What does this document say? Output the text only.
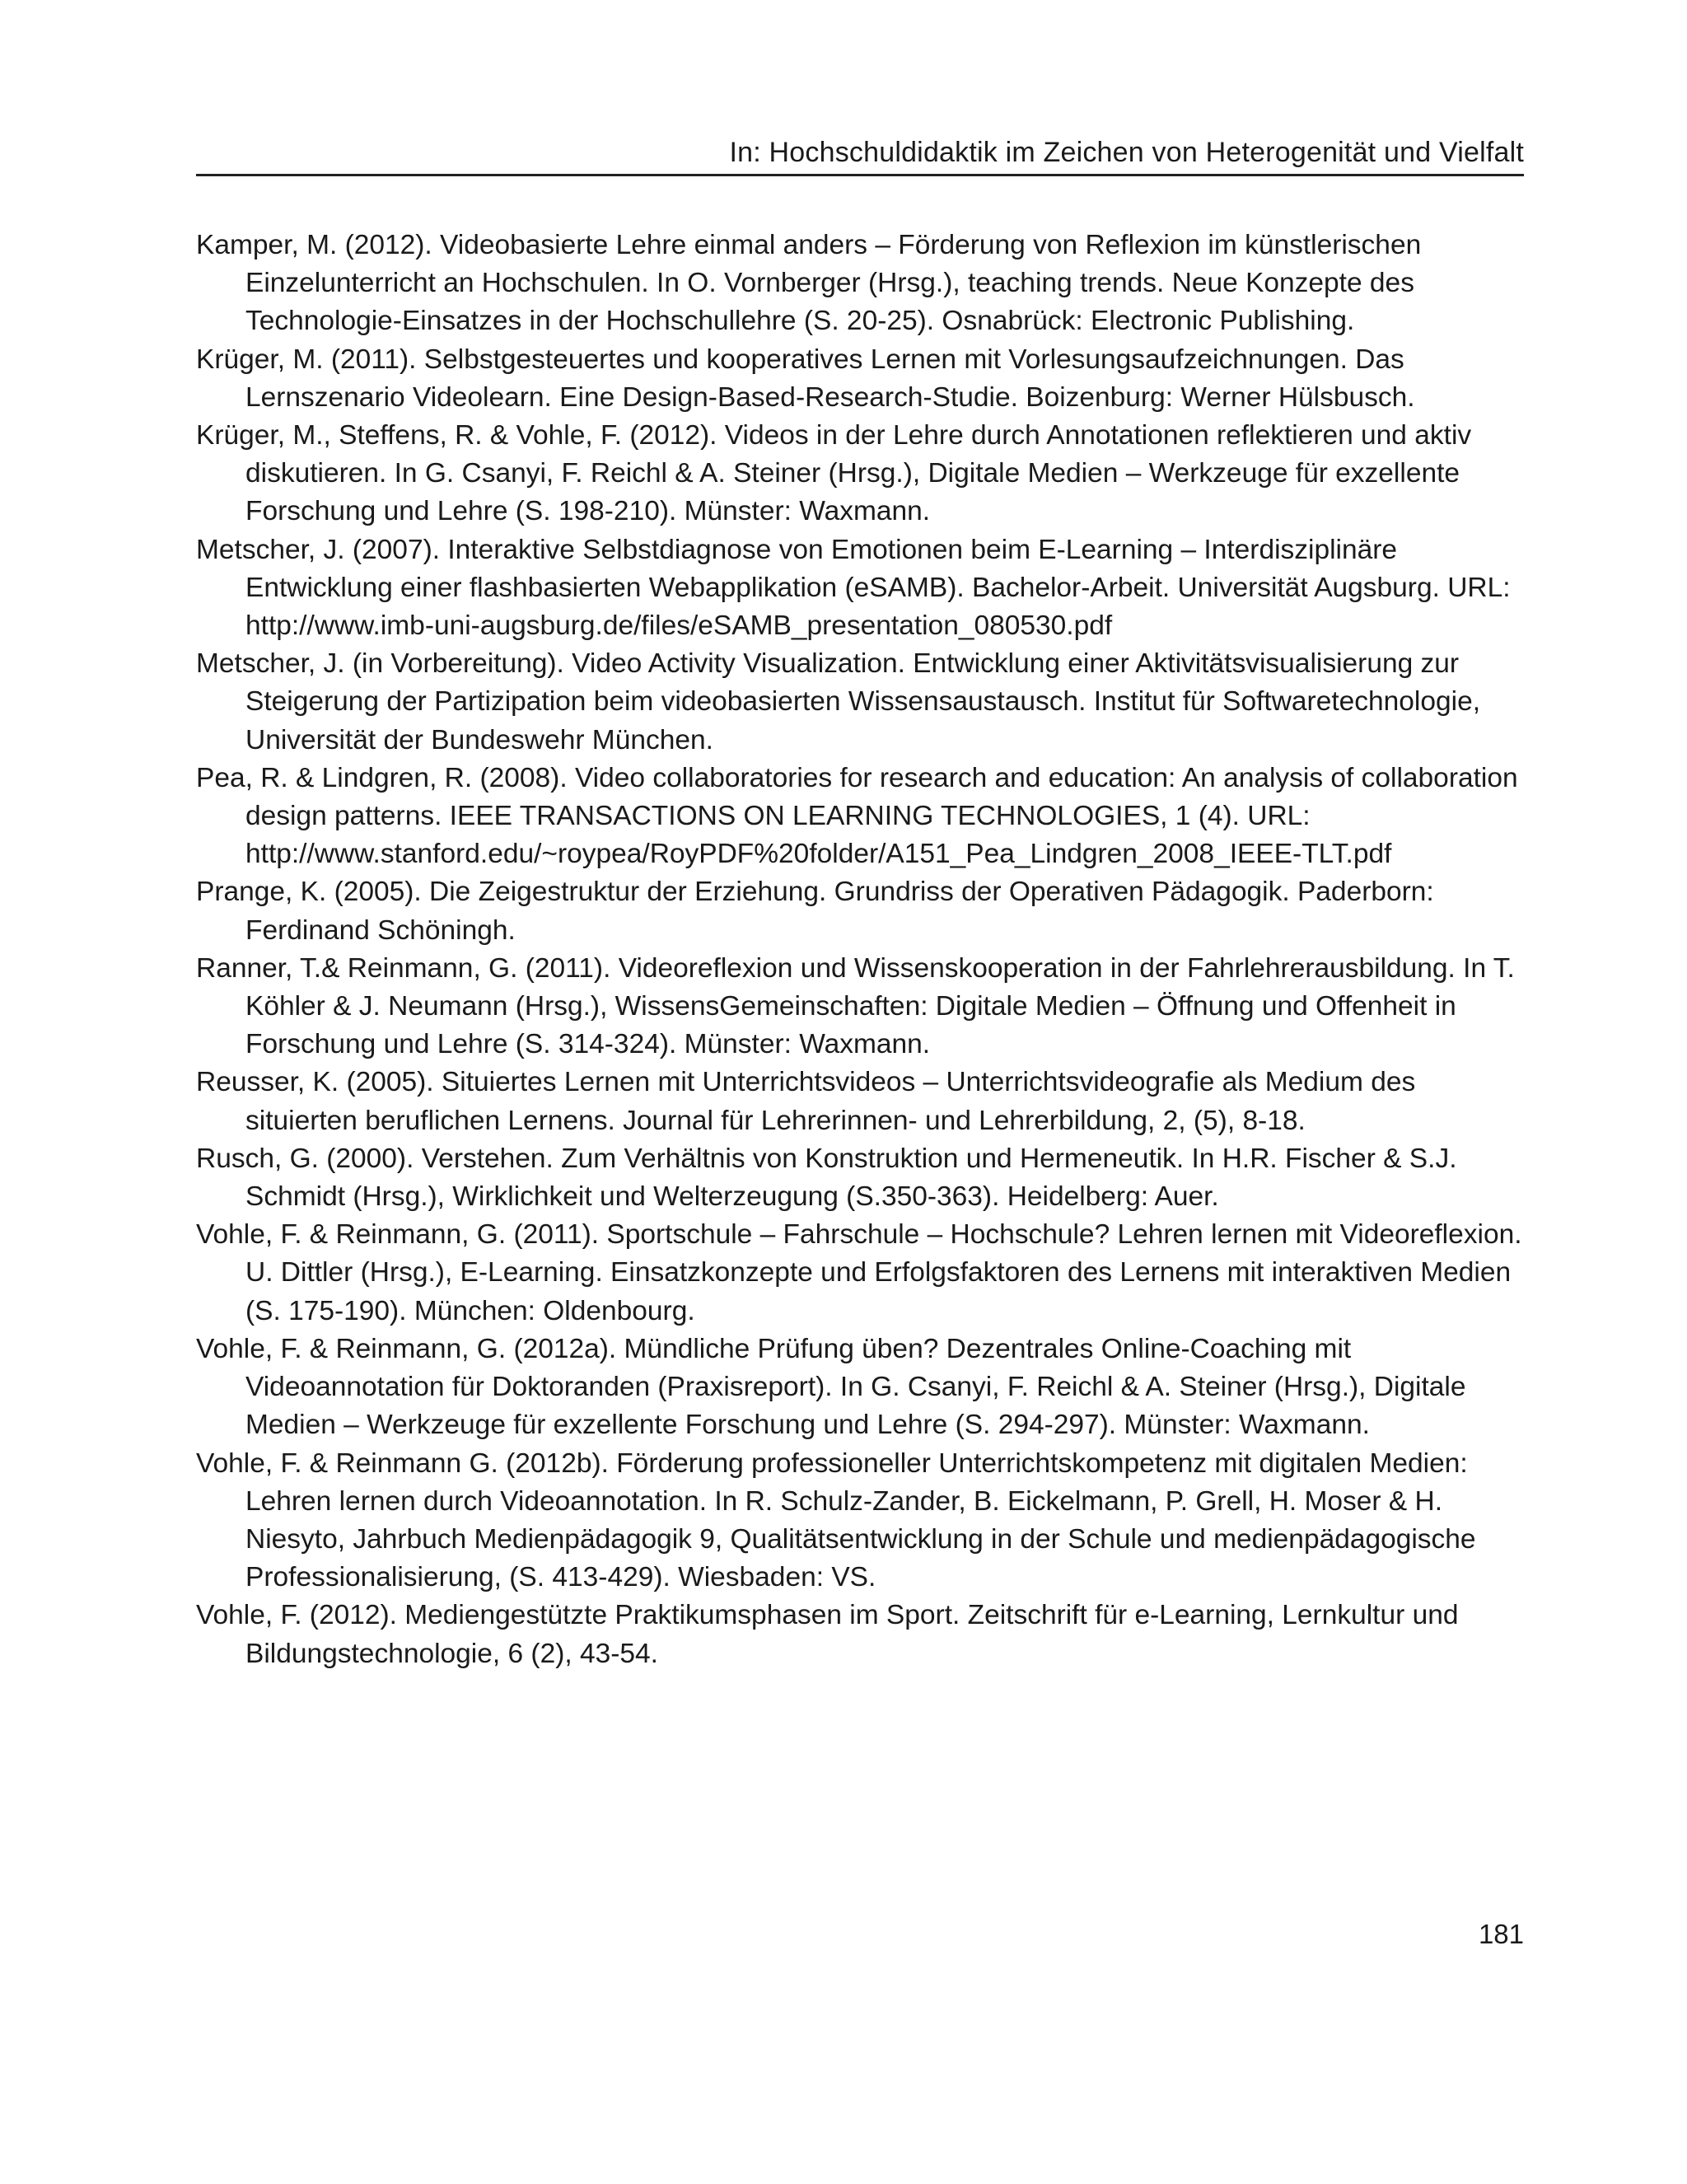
In: Hochschuldidaktik im Zeichen von Heterogenität und Vielfalt
Kamper, M. (2012). Videobasierte Lehre einmal anders – Förderung von Reflexion im künstlerischen Einzelunterricht an Hochschulen. In O. Vornberger (Hrsg.), teaching trends. Neue Konzepte des Technologie-Einsatzes in der Hochschullehre (S. 20-25). Osnabrück: Electronic Publishing.
Krüger, M. (2011). Selbstgesteuertes und kooperatives Lernen mit Vorlesungsaufzeichnungen. Das Lernszenario Videolearn. Eine Design-Based-Research-Studie. Boizenburg: Werner Hülsbusch.
Krüger, M., Steffens, R. & Vohle, F. (2012). Videos in der Lehre durch Annotationen reflektieren und aktiv diskutieren. In G. Csanyi, F. Reichl & A. Steiner (Hrsg.), Digitale Medien – Werkzeuge für exzellente Forschung und Lehre (S. 198-210). Münster: Waxmann.
Metscher, J. (2007). Interaktive Selbstdiagnose von Emotionen beim E-Learning – Interdisziplinäre Entwicklung einer flashbasierten Webapplikation (eSAMB). Bachelor-Arbeit. Universität Augsburg. URL: http://www.imb-uni-augsburg.de/files/eSAMB_presentation_080530.pdf
Metscher, J. (in Vorbereitung). Video Activity Visualization. Entwicklung einer Aktivitätsvisualisierung zur Steigerung der Partizipation beim videobasierten Wissensaustausch. Institut für Softwaretechnologie, Universität der Bundeswehr München.
Pea, R. & Lindgren, R. (2008). Video collaboratories for research and education: An analysis of collaboration design patterns. IEEE TRANSACTIONS ON LEARNING TECHNOLOGIES, 1 (4). URL: http://www.stanford.edu/~roypea/RoyPDF%20folder/A151_Pea_Lindgren_2008_IEEE-TLT.pdf
Prange, K. (2005). Die Zeigestruktur der Erziehung. Grundriss der Operativen Pädagogik. Paderborn: Ferdinand Schöningh.
Ranner, T.& Reinmann, G. (2011). Videoreflexion und Wissenskooperation in der Fahrlehrerausbildung. In T. Köhler & J. Neumann (Hrsg.), WissensGemeinschaften: Digitale Medien – Öffnung und Offenheit in Forschung und Lehre (S. 314-324). Münster: Waxmann.
Reusser, K. (2005). Situiertes Lernen mit Unterrichtsvideos – Unterrichtsvideografie als Medium des situierten beruflichen Lernens. Journal für Lehrerinnen- und Lehrerbildung, 2, (5), 8-18.
Rusch, G. (2000). Verstehen. Zum Verhältnis von Konstruktion und Hermeneutik. In H.R. Fischer & S.J. Schmidt (Hrsg.), Wirklichkeit und Welterzeugung (S.350-363). Heidelberg: Auer.
Vohle, F. & Reinmann, G. (2011). Sportschule – Fahrschule – Hochschule? Lehren lernen mit Videoreflexion. U. Dittler (Hrsg.), E-Learning. Einsatzkonzepte und Erfolgsfaktoren des Lernens mit interaktiven Medien (S. 175-190). München: Oldenbourg.
Vohle, F. & Reinmann, G. (2012a). Mündliche Prüfung üben? Dezentrales Online-Coaching mit Videoannotation für Doktoranden (Praxisreport). In G. Csanyi, F. Reichl & A. Steiner (Hrsg.), Digitale Medien – Werkzeuge für exzellente Forschung und Lehre (S. 294-297). Münster: Waxmann.
Vohle, F. & Reinmann G. (2012b). Förderung professioneller Unterrichtskompetenz mit digitalen Medien: Lehren lernen durch Videoannotation. In R. Schulz-Zander, B. Eickelmann, P. Grell, H. Moser & H. Niesyto, Jahrbuch Medienpädagogik 9, Qualitätsentwicklung in der Schule und medienpädagogische Professionalisierung, (S. 413-429). Wiesbaden: VS.
Vohle, F. (2012). Mediengestützte Praktikumsphasen im Sport. Zeitschrift für e-Learning, Lernkultur und Bildungstechnologie, 6 (2), 43-54.
181
